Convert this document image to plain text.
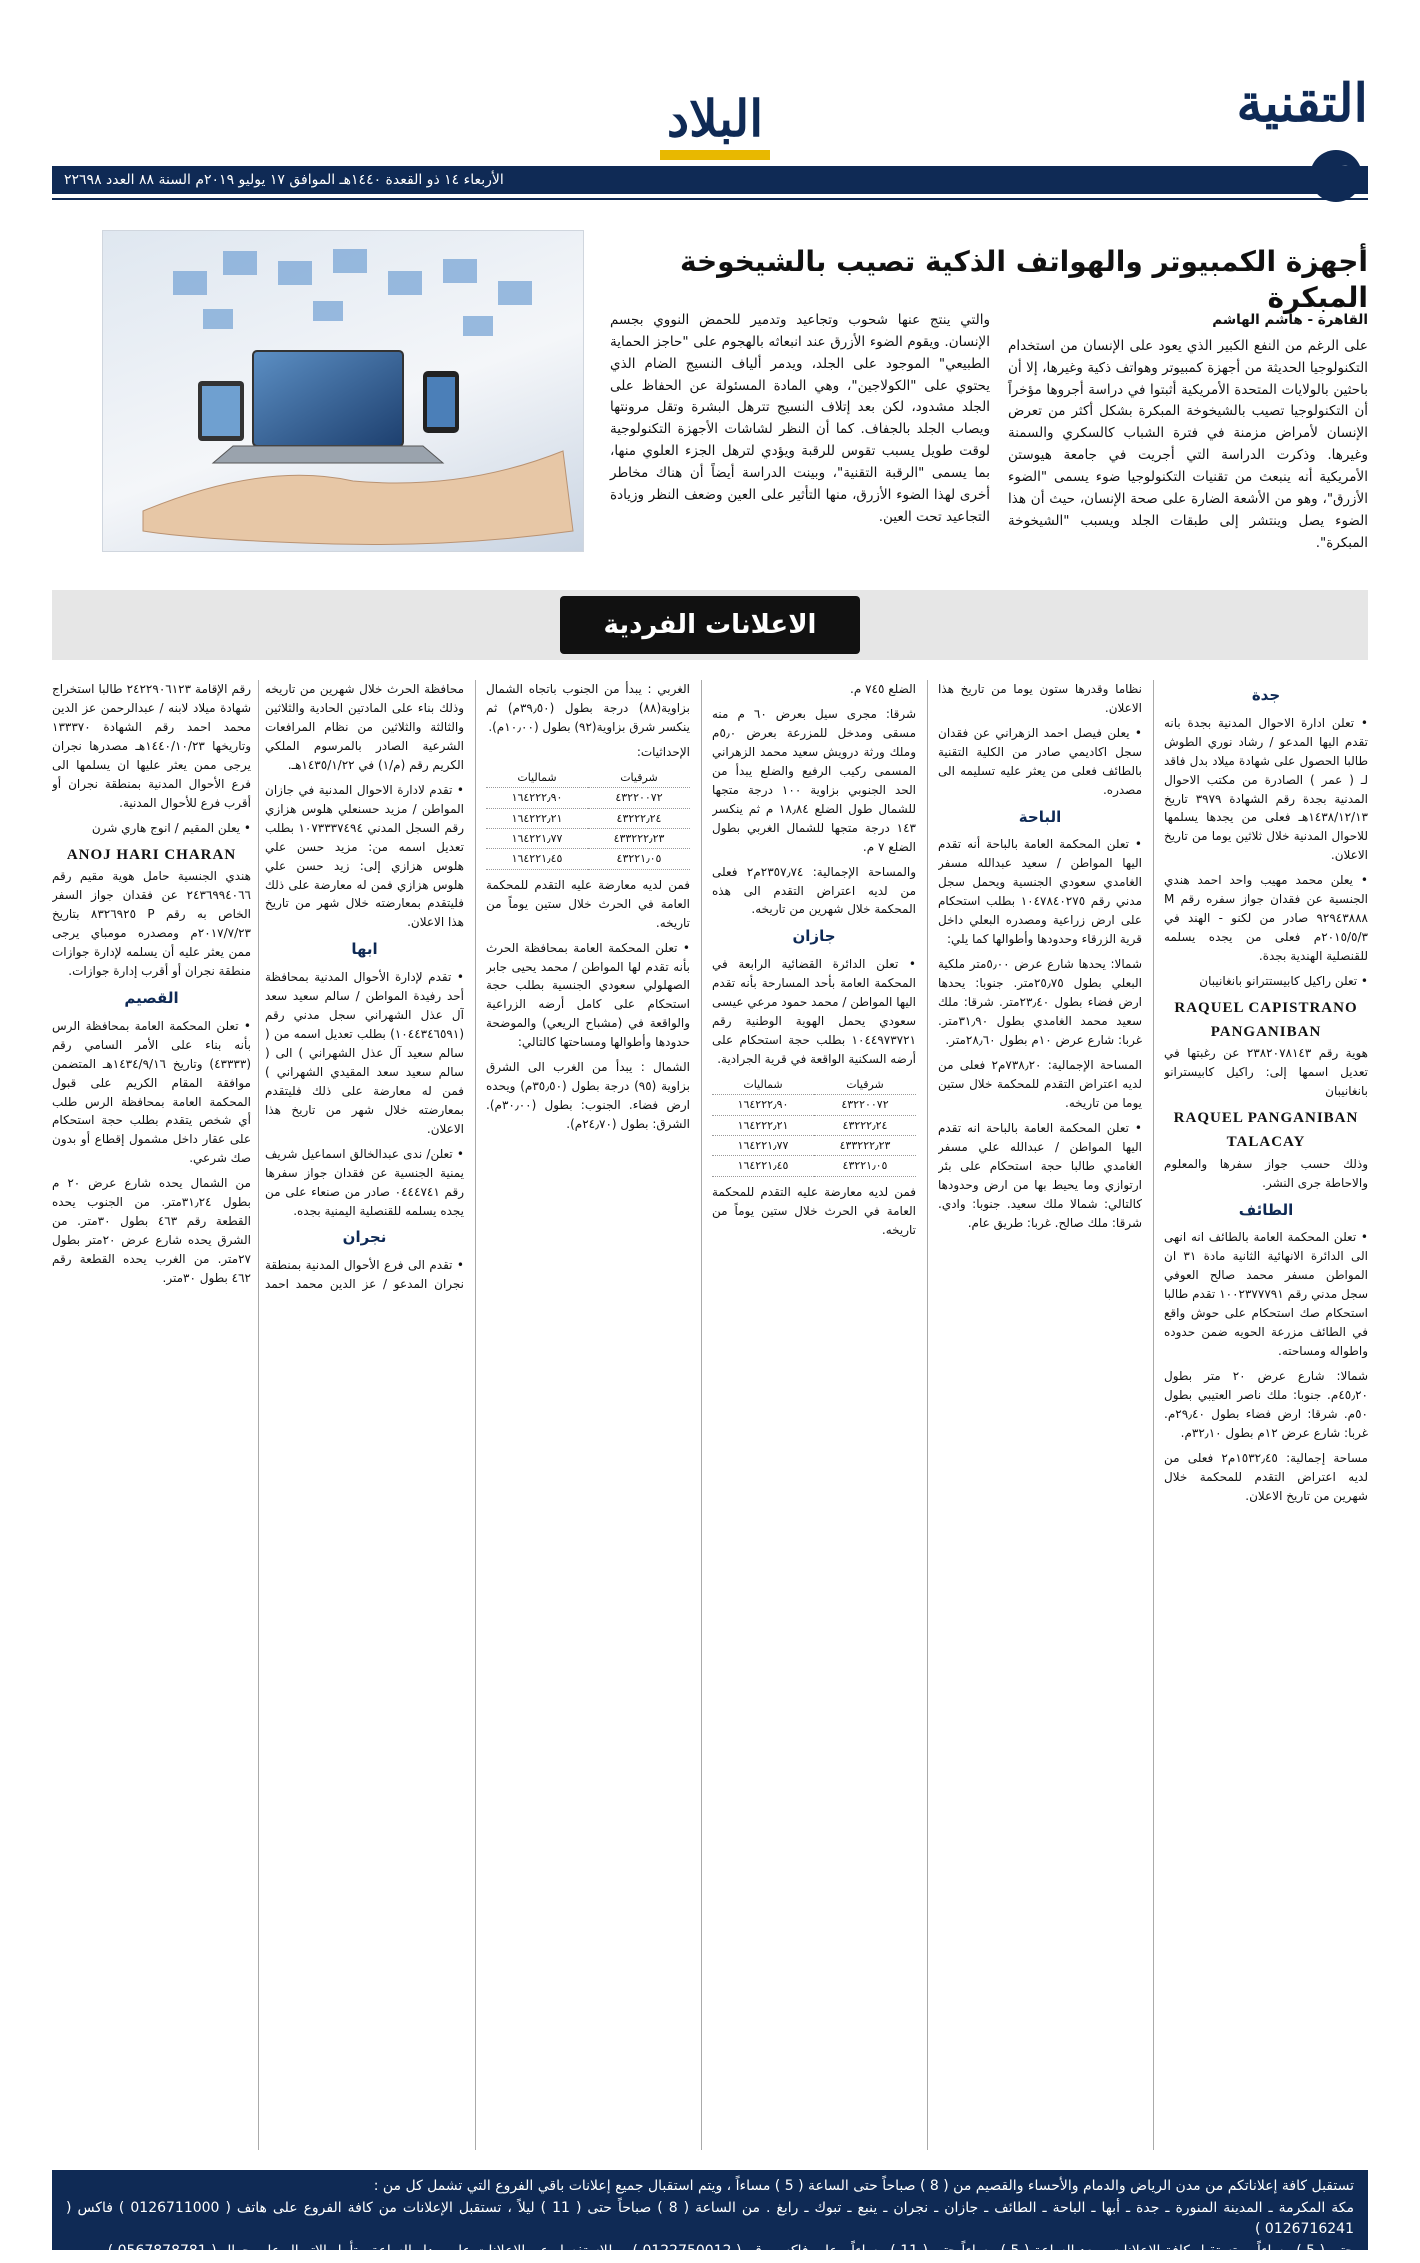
التقنية
البلاد
الأربعاء ١٤ ذو القعدة ١٤٤٠هـ الموافق ١٧ يوليو ٢٠١٩م السنة ٨٨ العدد ٢٢٦٩٨
أجهزة الكمبيوتر والهواتف الذكية تصيب بالشيخوخة المبكرة
القاهرة - هاشم الهاشم
على الرغم من النفع الكبير الذي يعود على الإنسان من استخدام التكنولوجيا الحديثة من أجهزة كمبيوتر وهواتف ذكية وغيرها، إلا أن باحثين بالولايات المتحدة الأمريكية أثبتوا في دراسة أجروها مؤخراً أن التكنولوجيا تصيب بالشيخوخة المبكرة بشكل أكثر من تعرض الإنسان لأمراض مزمنة في فترة الشباب كالسكري والسمنة وغيرها. وذكرت الدراسة التي أجريت في جامعة هيوستن الأمريكية أنه ينبعث من تقنيات التكنولوجيا ضوء يسمى "الضوء الأزرق"، وهو من الأشعة الضارة على صحة الإنسان، حيث أن هذا الضوء يصل وينتشر إلى طبقات الجلد ويسبب "الشيخوخة المبكرة".
والتي ينتج عنها شحوب وتجاعيد وتدمير للحمض النووي بجسم الإنسان. ويقوم الضوء الأزرق عند انبعاثه بالهجوم على "حاجز الحماية الطبيعي" الموجود على الجلد، ويدمر ألياف النسيج الضام الذي يحتوي على "الكولاجين"، وهي المادة المسئولة عن الحفاظ على الجلد مشدود، لكن بعد إتلاف النسيج تترهل البشرة وتقل مرونتها ويصاب الجلد بالجفاف. كما أن النظر لشاشات الأجهزة التكنولوجية لوقت طويل يسبب تقوس للرقبة ويؤدي لترهل الجزء العلوي منها، بما يسمى "الرقبة التقنية"، وبينت الدراسة أيضاً أن هناك مخاطر أخرى لهذا الضوء الأزرق، منها التأثير على العين وضعف النظر وزيادة التجاعيد تحت العين.
الاعلانات الفردية
جدة

• تعلن ادارة الاحوال المدنية بجدة بانه تقدم اليها المدعو / رشاد نوري الطوش طالبا الحصول على شهادة ميلاد بدل فاقد لـ ( عمر ) الصادرة من مكتب الاحوال المدنية بجدة رقم الشهادة ٣٩٧٩ تاريخ ١٤٣٨/١٢/١٣هـ فعلى من يجدها يسلمها للاحوال المدنية خلال ثلاثين يوما من تاريخ الاعلان.

• يعلن محمد مهيب واحد احمد هندي الجنسية عن فقدان جواز سفره رقم M ٩٢٩٤٣٨٨٨ صادر من لكنو - الهند في ٢٠١٥/٥/٣م فعلى من يجده يسلمه للقنصلية الهندية بجدة.

• تعلن راكيل كابيستترانو بانغانيبان

RAQUEL CAPISTRANO PANGANIBAN

هوية رقم ٢٣٨٢٠٧٨١٤٣ عن رغبتها في تعديل اسمها إلى: راكيل كابيسترانو بانغانيبان

RAQUEL PANGANIBAN TALACAY

وذلك حسب جواز سفرها والمعلوم والاحاطة جرى النشر.

الطائف

• تعلن المحكمة العامة بالطائف انه انهى الى الدائرة الانهائية الثانية مادة ٣١ ان المواطن مسفر محمد صالح العوفي سجل مدني رقم ١٠٠٢٣٧٧٧٩١ تقدم طالبا استحكام صك استحكام على حوش واقع في الطائف مزرعة الحويه ضمن حدوده واطواله ومساحته.

شمالا: شارع عرض ٢٠ متر بطول ٤٥٫٢٠م. جنوبا: ملك ناصر العتيبي بطول ٥٠م. شرقا: ارض فضاء بطول ٢٩٫٤٠م. غربا: شارع عرض ١٢م بطول ٣٢٫١٠م.

مساحة إجمالية: ١٥٣٢٫٤٥م٢ فعلى من لديه اعتراض التقدم للمحكمة خلال شهرين من تاريخ الاعلان.

نظاما وقدرها ستون يوما من تاريخ هذا الاعلان.

• يعلن فيصل احمد الزهراني عن فقدان سجل اكاديمي صادر من الكلية التقنية بالطائف فعلى من يعثر عليه تسليمه الى مصدره.

الباحة

• تعلن المحكمة العامة بالباحة أنه تقدم اليها المواطن / سعيد عبدالله مسفر الغامدي سعودي الجنسية ويحمل سجل مدني رقم ١٠٤٧٨٤٠٢٧٥ بطلب استحكام على ارض زراعية ومصدره البعلي داخل قرية الزرقاء وحدودها وأطوالها كما يلي:

شمالا: يحدها شارع عرض ٥٫٠٠متر ملكية البعلي بطول ٢٥٫٧٥متر. جنوبا: يحدها ارض فضاء بطول ٢٣٫٤٠متر. شرقا: ملك سعيد محمد الغامدي بطول ٣١٫٩٠متر. غربا: شارع عرض ١٠م بطول ٢٨٫٦٠متر.

المساحة الإجمالية: ٧٣٨٫٢٠م٢ فعلى من لديه اعتراض التقدم للمحكمة خلال ستين يوما من تاريخه.

• تعلن المحكمة العامة بالباحة انه تقدم اليها المواطن / عبدالله علي مسفر الغامدي طالبا حجة استحكام على بئر ارتوازي وما يحيط بها من ارض وحدودها كالتالي: شمالا ملك سعيد. جنوبا: وادي. شرقا: ملك صالح. غربا: طريق عام.

الضلع ٧٤٥ م.

شرقا: مجرى سيل بعرض ٦٠ م منه مسقى ومدخل للمزرعة بعرض ٥٫٠م وملك ورثة درويش سعيد محمد الزهراني المسمى ركيب الرفيع والضلع يبدأ من الحد الجنوبي بزاوية ١٠٠ درجة متجها للشمال طول الضلع ١٨٫٨٤ م ثم ينكسر ١٤٣ درجة متجها للشمال الغربي بطول الضلع ٧ م.

والمساحة الإجمالية: ٢٣٥٧٫٧٤م٢ فعلى من لديه اعتراض التقدم الى هذه المحكمة خلال شهرين من تاريخه.

جازان

• تعلن الدائرة القضائية الرابعة في المحكمة العامة بأحد المسارحة بأنه تقدم اليها المواطن / محمد حمود مرعي عيسى سعودي يحمل الهوية الوطنية رقم ١٠٤٤٩٧٣٧٢١ بطلب حجة استحكام على أرضه السكنية الواقعة في قرية الجرادية.

شرقيات	شماليات
٤٣٢٢٠٠٧٢	١٦٤٢٢٢٫٩٠
٤٣٢٢٢٫٢٤	١٦٤٢٢٢٫٢١
٤٣٣٢٢٢٫٢٣	١٦٤٢٢١٫٧٧
٤٣٢٢١٫٠٥	١٦٤٢٢١٫٤٥

فمن لديه معارضة عليه التقدم للمحكمة العامة في الحرث خلال ستين يوماً من تاريخه.

الغربي : يبدأ من الجنوب باتجاه الشمال بزاوية(٨٨) درجة بطول (٣٩٫٥٠م) ثم ينكسر شرق بزاوية(٩٢) بطول (١٠٫٠٠م).

الإحداثيات:

شرقيات	شماليات
٤٣٢٢٠٠٧٢	١٦٤٢٢٢٫٩٠
٤٣٢٢٢٫٢٤	١٦٤٢٢٢٫٢١
٤٣٣٢٢٢٫٢٣	١٦٤٢٢١٫٧٧
٤٣٢٢١٫٠٥	١٦٤٢٢١٫٤٥

فمن لديه معارضة عليه التقدم للمحكمة العامة في الحرث خلال ستين يوماً من تاريخه.

• تعلن المحكمة العامة بمحافظة الحرث بأنه تقدم لها المواطن / محمد يحيى جابر الصهلولي سعودي الجنسية بطلب حجة استحكام على كامل أرضه الزراعية والواقعة في (مشباح الريعي) والموضحة حدودها وأطوالها ومساحتها كالتالي:

الشمال : يبدأ من الغرب الى الشرق بزاوية (٩٥) درجة بطول (٣٥٫٥٠م) ويحده ارض فضاء. الجنوب: بطول (٣٠٫٠٠م). الشرق: بطول (٢٤٫٧٠م).

محافظة الحرث خلال شهرين من تاريخه وذلك بناء على المادتين الحادية والثلاثين والثالثة والثلاثين من نظام المرافعات الشرعية الصادر بالمرسوم الملكي الكريم رقم (م/١) في ١٤٣٥/١/٢٢هـ.

• تقدم لادارة الاحوال المدنية في جازان المواطن / مزيد حسنعلي هلوس هزازي رقم السجل المدني ١٠٧٣٣٣٧٤٩٤ بطلب تعديل اسمه من: مزيد حسن علي هلوس هزازي إلى: زيد حسن علي هلوس هزازي فمن له معارضة على ذلك فليتقدم بمعارضته خلال شهر من تاريخ هذا الاعلان.

ابها

• تقدم لإدارة الأحوال المدنية بمحافظة أحد رفيدة المواطن / سالم سعيد سعد آل عذل الشهراني سجل مدني رقم (١٠٤٤٣٤٦٥٩١) بطلب تعديل اسمه من ( سالم سعيد آل عذل الشهراني ) الى ( سالم سعيد سعد المقيدي الشهراني ) فمن له معارضة على ذلك فليتقدم بمعارضته خلال شهر من تاريخ هذا الاعلان.

• تعلن/ ندى عبدالخالق اسماعيل شريف يمنية الجنسية عن فقدان جواز سفرها رقم ٠٤٤٤٧٤١ صادر من صنعاء على من يجده يسلمه للقنصلية اليمنية بجده.

نجران

• تقدم الى فرع الأحوال المدنية بمنطقة نجران المدعو / عز الدين محمد احمد رقم الإقامة ٢٤٢٢٩٠٦١٢٣ طالبا استخراج شهادة ميلاد لابنه / عبدالرحمن عز الدين محمد احمد رقم الشهادة ١٣٣٣٧٠ وتاريخها ١٤٤٠/١٠/٢٣هـ مصدرها نجران يرجى ممن يعثر عليها ان يسلمها الى فرع الأحوال المدنية بمنطقة نجران أو أقرب فرع للأحوال المدنية.

• يعلن المقيم / انوج هاري شرن

ANOJ HARI CHARAN

هندي الجنسية حامل هوية مقيم رقم ٢٤٣٦٩٩٤٠٦٦ عن فقدان جواز السفر الخاص به رقم P ٨٣٢٦٩٢٥ بتاريخ ٢٠١٧/٧/٢٣م ومصدره مومباي يرجى ممن يعثر عليه أن يسلمه لإدارة جوازات منطقة نجران أو أقرب إدارة جوازات.

القصيم

• تعلن المحكمة العامة بمحافظة الرس بأنه بناء على الأمر السامي رقم (٤٣٣٣٣) وتاريخ ١٤٣٤/٩/١٦هـ المتضمن موافقة المقام الكريم على قبول المحكمة العامة بمحافظة الرس طلب أي شخص يتقدم بطلب حجة استحكام على عقار داخل مشمول إقطاع أو بدون صك شرعي.

من الشمال يحده شارع عرض ٢٠ م بطول ٣١٫٢٤متر. من الجنوب يحده القطعة رقم ٤٦٣ بطول ٣٠متر. من الشرق يحده شارع عرض ٢٠متر بطول ٢٧متر. من الغرب يحده القطعة رقم ٤٦٢ بطول ٣٠متر.

تستقبل كافة إعلاناتكم من مدن الرياض والدمام والأحساء والقصيم من ( 8 ) صباحاً حتى الساعة ( 5 ) مساءاً ، ويتم استقبال جميع إعلانات باقي الفروع التي تشمل كل من :

مكة المكرمة ـ المدينة المنورة ـ جدة ـ أبها ـ الباحة ـ الطائف ـ جازان ـ نجران ـ ينبع ـ تبوك ـ رابغ . من الساعة ( 8 ) صباحاً حتى ( 11 ) ليلاً ، تستقبل الإعلانات من كافة الفروع على هاتف ( 0126711000 ) فاكس ( 0126716241 )

حتى ( 5 ) مساءاً ، وتستقبل كافة الإعلانات ، بعد الساعة ( 5 ) مساءاً حتى ( 11 ) مساءاً ، على فاكس رقم ( 0122750012 ) ، وللاستفسار عن الإعلانات على مدار الساعة ، تأمل الاتصال على جوال ( 0567878781 )
